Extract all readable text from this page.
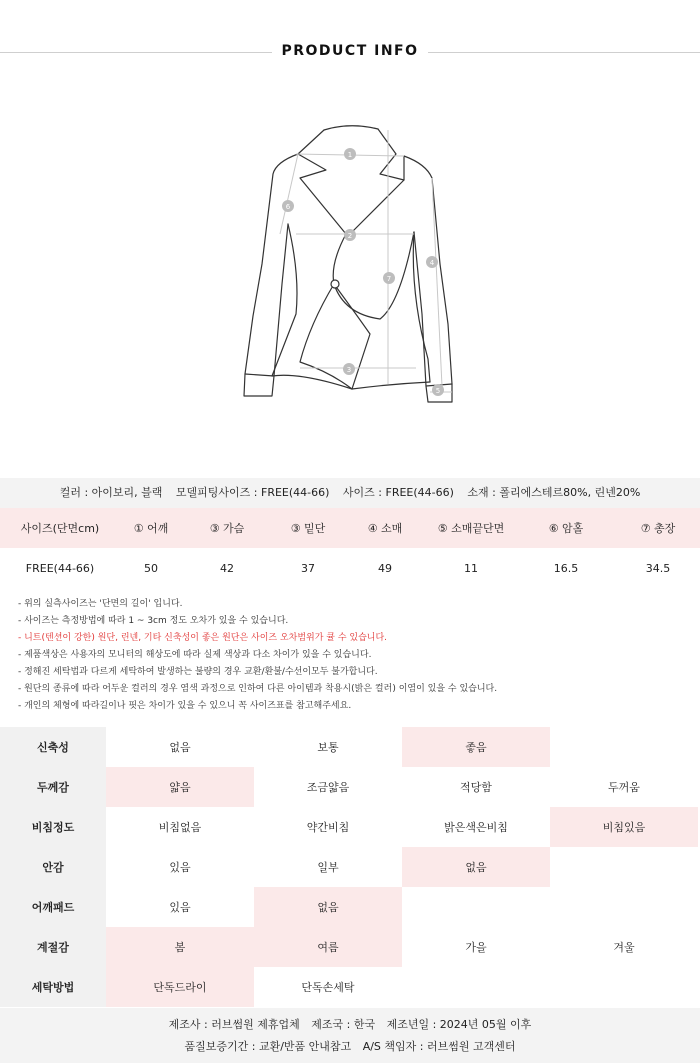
PRODUCT INFO
1
2
3
4
5
6
7
컬러 : 아이보리, 블랙 모델피팅사이즈 : FREE(44-66) 사이즈 : FREE(44-66) 소재 : 폴리에스테르80%, 린넨20%
사이즈(단면cm)	① 어깨	③ 가슴	③ 밑단	④ 소매	⑤ 소매끝단면	⑥ 암홀	⑦ 총장
FREE(44-66)	50	42	37	49	11	16.5	34.5
- 위의 실측사이즈는 '단면의 길이' 입니다.
- 사이즈는 측정방법에 따라 1 ~ 3cm 정도 오차가 있을 수 있습니다.
- 니트(텐션이 강한) 원단, 린넨, 기타 신축성이 좋은 원단은 사이즈 오차범위가 큘 수 있습니다.
- 제품색상은 사용자의 모니터의 해상도에 따라 실제 색상과 다소 차이가 있을 수 있습니다.
- 정해진 세탁법과 다르게 세탁하여 발생하는 불량의 경우 교환/환불/수선이모두 불가합니다.
- 원단의 종류에 따라 어두운 컬러의 경우 염색 과정으로 인하여 다른 아이템과 착용시(밝은 컬러) 이염이 있을 수 있습니다.
- 개인의 체형에 따라길이나 핏은 차이가 있을 수 있으니 꼭 사이즈표를 참고해주세요.
신축성	없음	보통	좋음
두께감	얇음	조금얇음	적당함	두꺼움
비침정도	비침없음	약간비침	밝은색은비침	비침있음
안감	있음	일부	없음
어깨패드	있음	없음
계절감	봄	여름	가을	겨울
세탁방법	단독드라이	단독손세탁
제조사 : 러브썸원 제휴업체 제조국 : 한국 제조년일 : 2024년 05월 이후
품질보증기간 : 교환/반품 안내참고 A/S 책임자 : 러브썸원 고객센터
